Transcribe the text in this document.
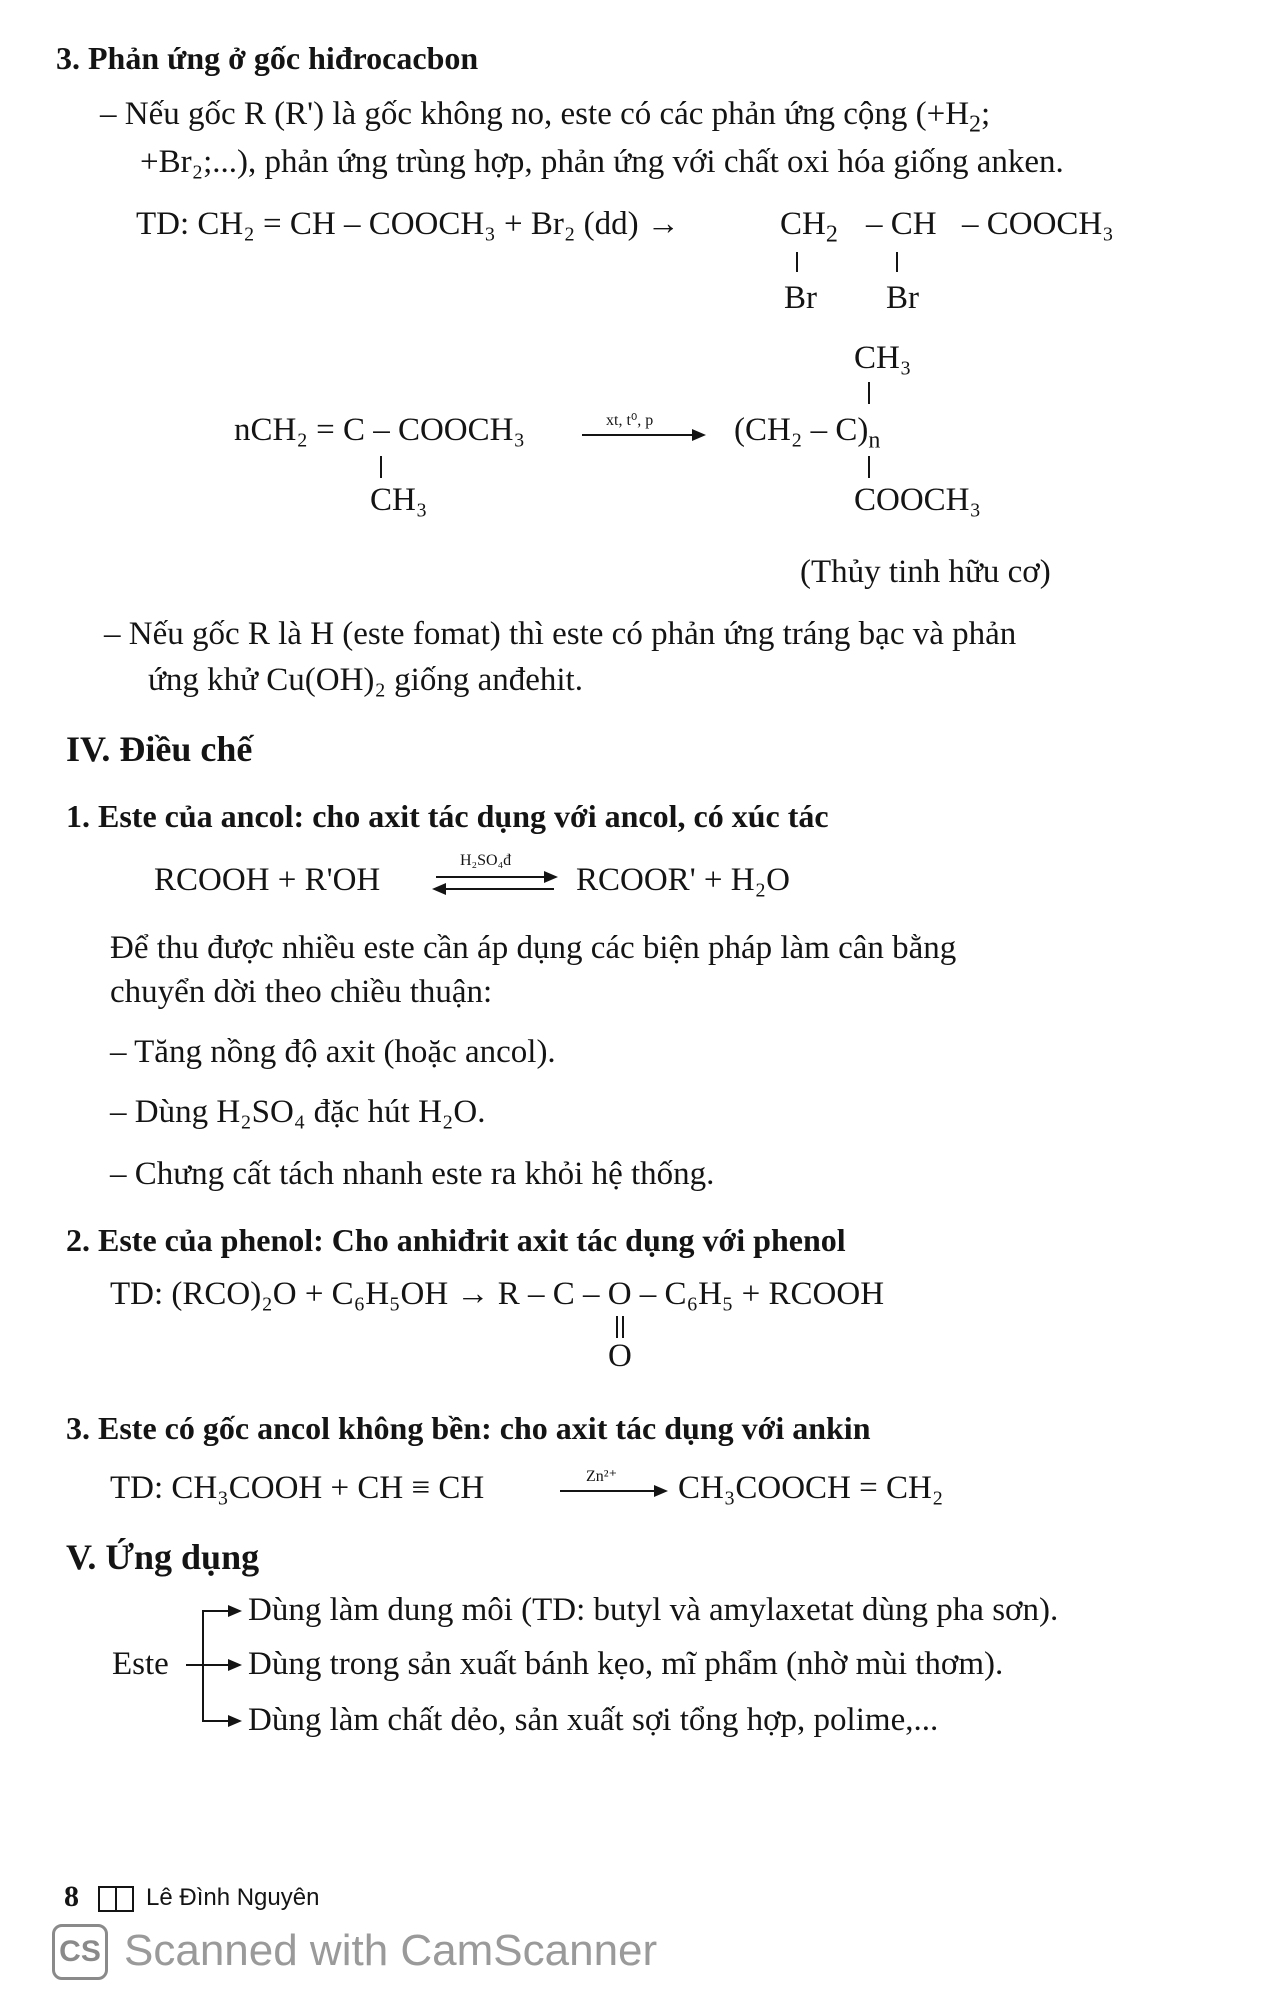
3. Phản ứng ở gốc hiđrocacbon
– Nếu gốc R (R') là gốc không no, este có các phản ứng cộng ($+H_2$;
+Br₂;...), phản ứng trùng hợp, phản ứng với chất oxi hóa giống anken.
TD: CH₂ = CH – COOCH₃ + Br₂ (dd) →	$CH_2$ – CH – COOCH₃
Br Br
CH₃
nCH₂ = C – COOCH₃	xt, t⁰, p $(CH_2 - C)_n$
CH₃	COOCH₃
(Thủy tinh hữu cơ)
– Nếu gốc R là H (este fomat) thì este có phản ứng tráng bạc và phản
ứng khử Cu(OH)₂ giống anđehit.
IV. Điều chế
1. Este của ancol: cho axit tác dụng với ancol, có xúc tác
RCOOH + R'OH
H₂SO₄đ
RCOOR' + H₂O
Để thu được nhiều este cần áp dụng các biện pháp làm cân bằng
chuyển dời theo chiều thuận:
– Tăng nồng độ axit (hoặc ancol).
– Dùng H₂SO₄ đặc hút H₂O.
– Chưng cất tách nhanh este ra khỏi hệ thống.
2. Este của phenol: Cho anhiđrit axit tác dụng với phenol
TD: (RCO)₂O + C₆H₅OH → R – C – O – C₆H₅ + RCOOH
O
3. Este có gốc ancol không bền: cho axit tác dụng với ankin
TD: CH₃COOH + CH ≡ CH	Zn²⁺ CH₃COOCH = CH₂
V. Ứng dụng
Este
Dùng làm dung môi (TD: butyl và amylaxetat dùng pha sơn).
Dùng trong sản xuất bánh kẹo, mĩ phẩm (nhờ mùi thơm).
Dùng làm chất dẻo, sản xuất sợi tổng hợp, polime,...
8	Lê Đình Nguyên
CS Scanned with CamScanner
